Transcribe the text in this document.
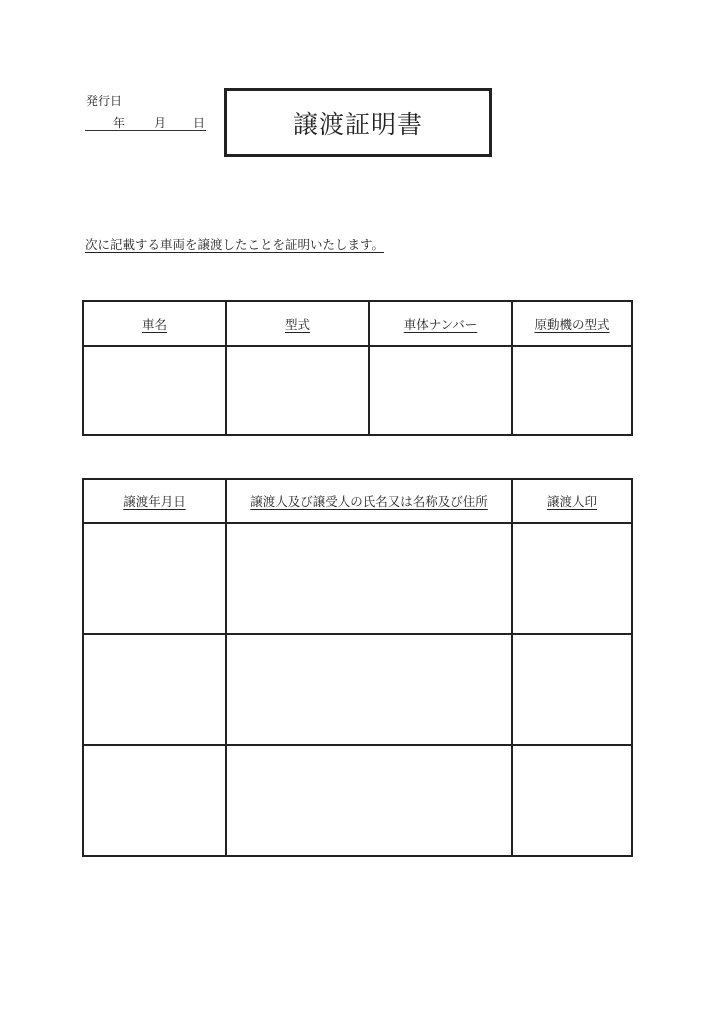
発行日
年 月 日	譲渡証明書
次に記載する車両を譲渡したことを証明いたします。
車名	型式	車体ナンバー	原動機の型式

譲渡年月日	譲渡人及び譲受人の氏名又は名称及び住所	譲渡人印
